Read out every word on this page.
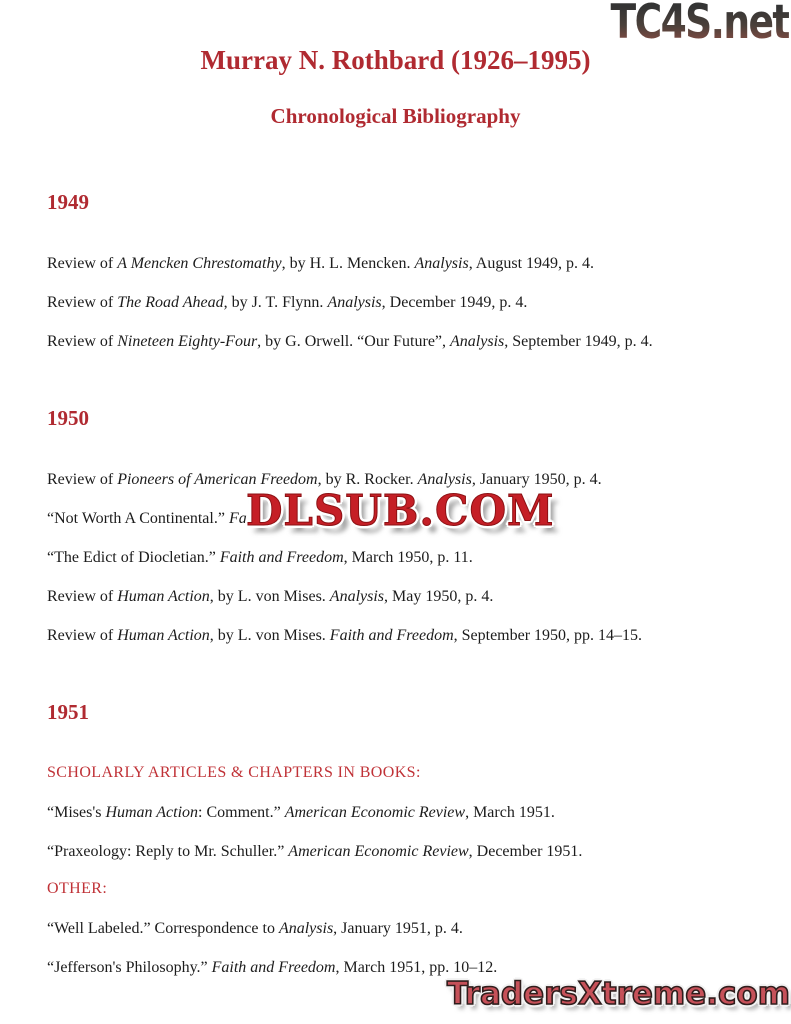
TC4S.net
Murray N. Rothbard (1926–1995)
Chronological Bibliography
1949

Review of A Mencken Chrestomathy, by H. L. Mencken. Analysis, August 1949, p. 4.

Review of The Road Ahead, by J. T. Flynn. Analysis, December 1949, p. 4.

Review of Nineteen Eighty-Four, by G. Orwell. “Our Future”, Analysis, September 1949, p. 4.

1950

Review of Pioneers of American Freedom, by R. Rocker. Analysis, January 1950, p. 4.

“Not Worth A Continental.” Fa

“The Edict of Diocletian.” Faith and Freedom, March 1950, p. 11.

Review of Human Action, by L. von Mises. Analysis, May 1950, p. 4.

Review of Human Action, by L. von Mises. Faith and Freedom, September 1950, pp. 14–15.

1951
SCHOLARLY ARTICLES & CHAPTERS IN BOOKS:

“Mises's Human Action: Comment.” American Economic Review, March 1951.

“Praxeology: Reply to Mr. Schuller.” American Economic Review, December 1951.

OTHER:

“Well Labeled.” Correspondence to Analysis, January 1951, p. 4.

“Jefferson's Philosophy.” Faith and Freedom, March 1951, pp. 10–12.

DLSUB.COM
TradersXtreme.com
